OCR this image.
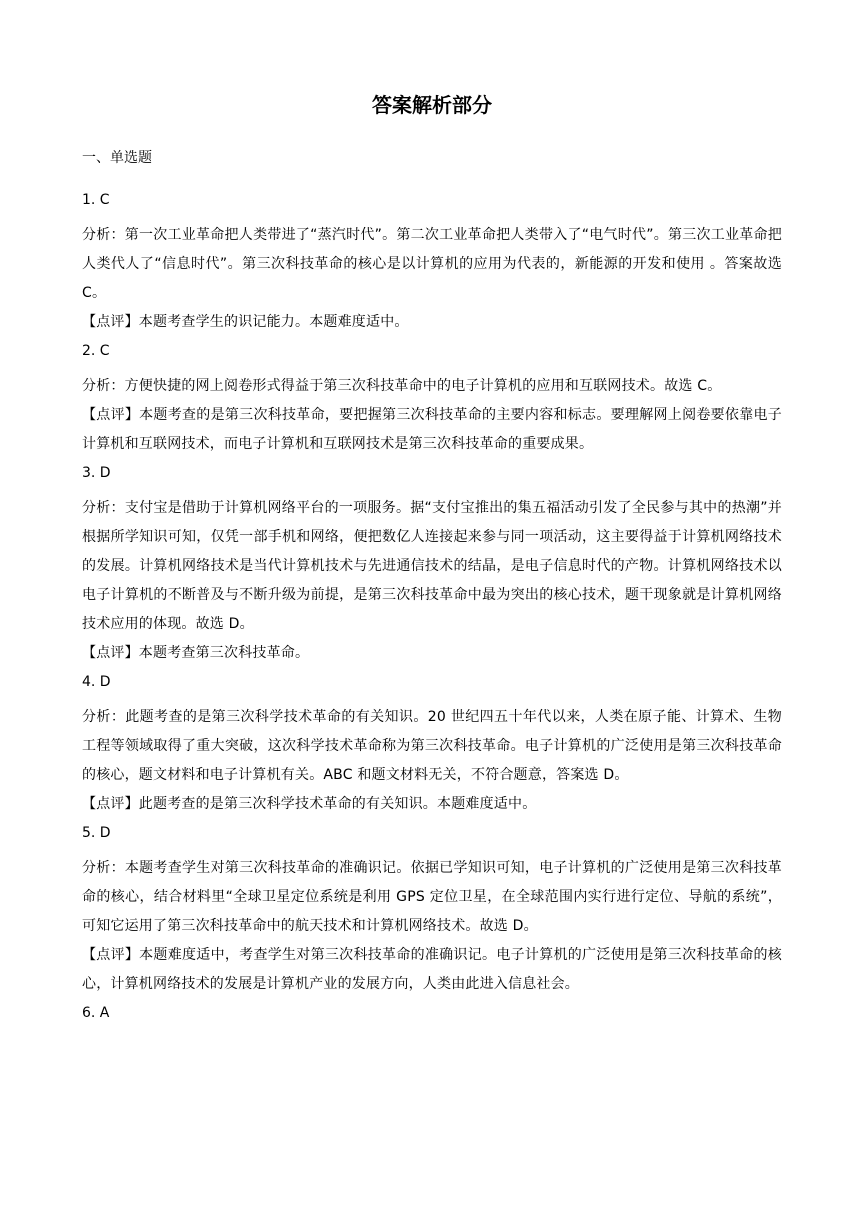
答案解析部分
一、单选题
1. C
分析：第一次工业革命把人类带进了“蒸汽时代”。第二次工业革命把人类带入了“电气时代”。第三次工业革命把人类代人了“信息时代”。第三次科技革命的核心是以计算机的应用为代表的，新能源的开发和使用 。答案故选 C。
【点评】本题考查学生的识记能力。本题难度适中。
2. C
分析：方便快捷的网上阅卷形式得益于第三次科技革命中的电子计算机的应用和互联网技术。故选 C。
【点评】本题考查的是第三次科技革命，要把握第三次科技革命的主要内容和标志。要理解网上阅卷要依靠电子计算机和互联网技术，而电子计算机和互联网技术是第三次科技革命的重要成果。
3. D
分析：支付宝是借助于计算机网络平台的一项服务。据“支付宝推出的集五福活动引发了全民参与其中的热潮”并根据所学知识可知，仅凭一部手机和网络，便把数亿人连接起来参与同一项活动，这主要得益于计算机网络技术的发展。计算机网络技术是当代计算机技术与先进通信技术的结晶，是电子信息时代的产物。计算机网络技术以电子计算机的不断普及与不断升级为前提，是第三次科技革命中最为突出的核心技术，题干现象就是计算机网络技术应用的体现。故选 D。
【点评】本题考查第三次科技革命。
4. D
分析：此题考查的是第三次科学技术革命的有关知识。20 世纪四五十年代以来，人类在原子能、计算术、生物工程等领域取得了重大突破，这次科学技术革命称为第三次科技革命。电子计算机的广泛使用是第三次科技革命的核心，题文材料和电子计算机有关。ABC 和题文材料无关，不符合题意，答案选 D。
【点评】此题考查的是第三次科学技术革命的有关知识。本题难度适中。
5. D
分析：本题考查学生对第三次科技革命的准确识记。依据已学知识可知，电子计算机的广泛使用是第三次科技革命的核心，结合材料里“全球卫星定位系统是利用 GPS 定位卫星，在全球范围内实行进行定位、导航的系统”，可知它运用了第三次科技革命中的航天技术和计算机网络技术。故选 D。
【点评】本题难度适中，考查学生对第三次科技革命的准确识记。电子计算机的广泛使用是第三次科技革命的核心，计算机网络技术的发展是计算机产业的发展方向，人类由此进入信息社会。
6. A
